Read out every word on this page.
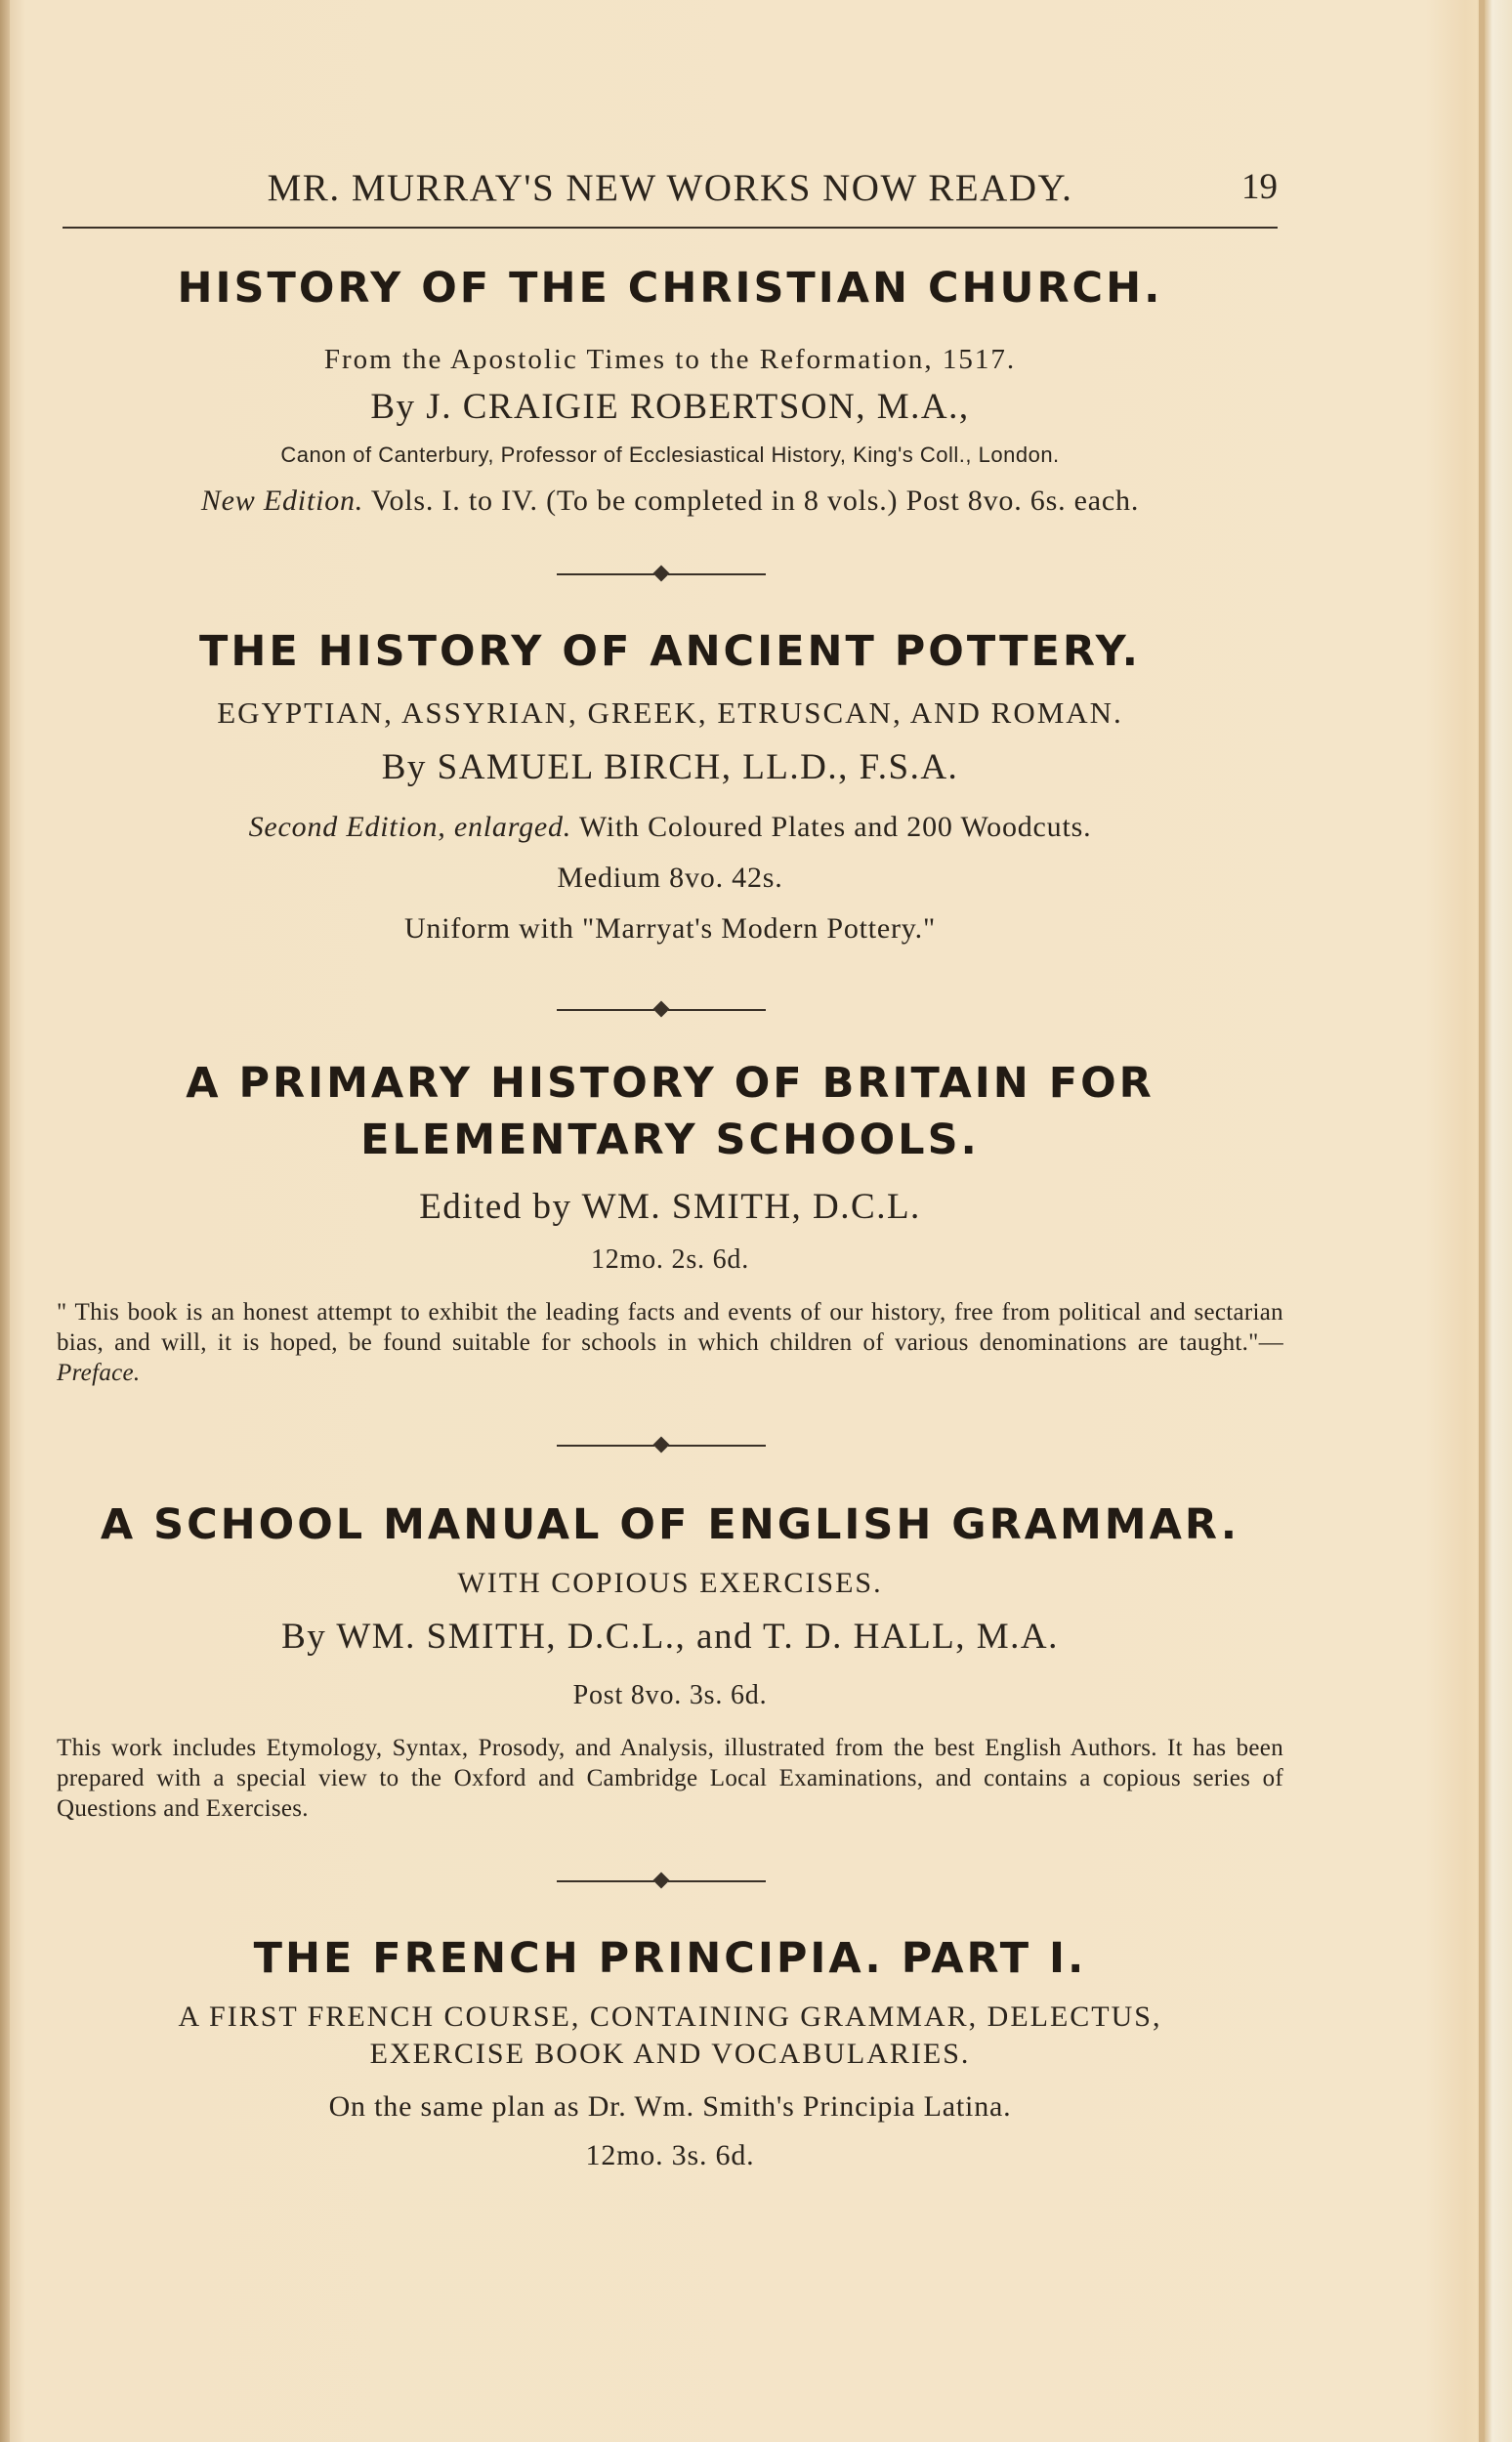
MR. MURRAY'S NEW WORKS NOW READY.	19
HISTORY OF THE CHRISTIAN CHURCH.
From the Apostolic Times to the Reformation, 1517.
By J. CRAIGIE ROBERTSON, M.A.,
Canon of Canterbury, Professor of Ecclesiastical History, King's Coll., London.
New Edition. Vols. I. to IV. (To be completed in 8 vols.) Post 8vo. 6s. each.
THE HISTORY OF ANCIENT POTTERY.
EGYPTIAN, ASSYRIAN, GREEK, ETRUSCAN, AND ROMAN.
By SAMUEL BIRCH, LL.D., F.S.A.
Second Edition, enlarged. With Coloured Plates and 200 Woodcuts.
Medium 8vo. 42s.
Uniform with "Marryat's Modern Pottery."
A PRIMARY HISTORY OF BRITAIN FOR
ELEMENTARY SCHOOLS.
Edited by WM. SMITH, D.C.L.
12mo. 2s. 6d.
" This book is an honest attempt to exhibit the leading facts and events of our history, free from political and sectarian bias, and will, it is hoped, be found suitable for schools in which children of various denominations are taught."—Preface.
A SCHOOL MANUAL OF ENGLISH GRAMMAR.
WITH COPIOUS EXERCISES.
By WM. SMITH, D.C.L., and T. D. HALL, M.A.
Post 8vo. 3s. 6d.
This work includes Etymology, Syntax, Prosody, and Analysis, illustrated from the best English Authors. It has been prepared with a special view to the Oxford and Cambridge Local Examinations, and contains a copious series of Questions and Exercises.
THE FRENCH PRINCIPIA. PART I.
A FIRST FRENCH COURSE, CONTAINING GRAMMAR, DELECTUS,
EXERCISE BOOK AND VOCABULARIES.
On the same plan as Dr. Wm. Smith's Principia Latina.
12mo. 3s. 6d.
